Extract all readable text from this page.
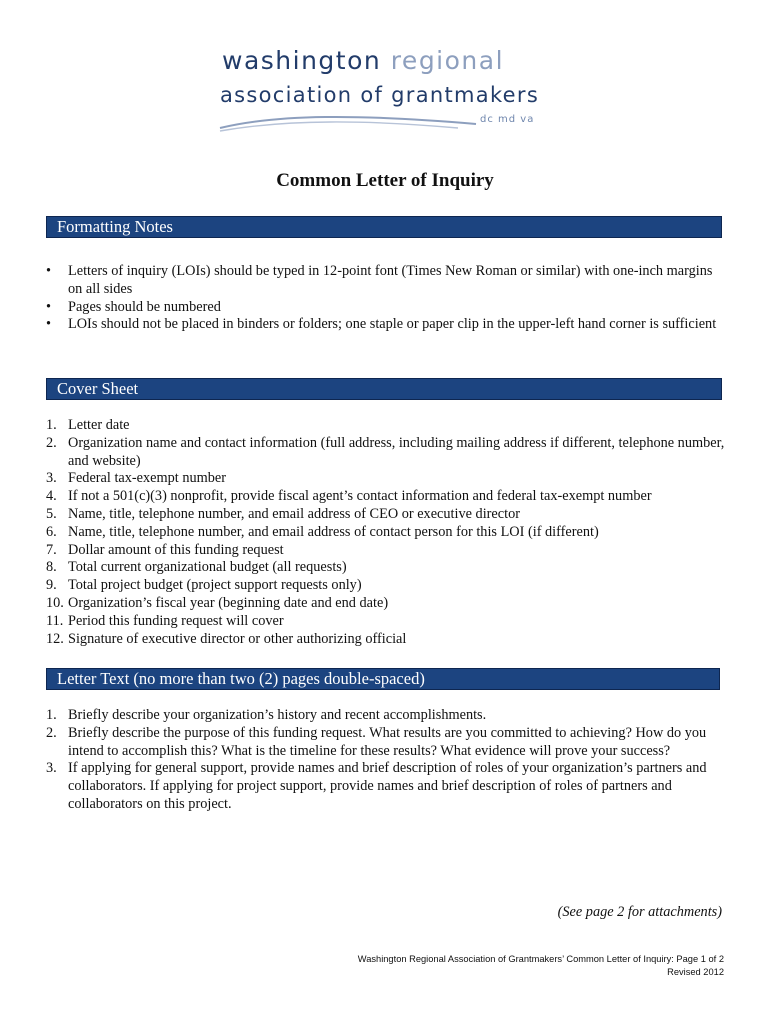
washington regional
association of grantmakers
dc md va
Common Letter of Inquiry
Formatting Notes
•	Letters of inquiry (LOIs) should be typed in 12-point font (Times New Roman or similar) with one-inch margins on all sides
•	Pages should be numbered
•	LOIs should not be placed in binders or folders; one staple or paper clip in the upper-left hand corner is sufficient
Cover Sheet
1. Letter date
2. Organization name and contact information (full address, including mailing address if different, telephone number, and website)
3. Federal tax-exempt number
4. If not a 501(c)(3) nonprofit, provide fiscal agent’s contact information and federal tax-exempt number
5. Name, title, telephone number, and email address of CEO or executive director
6. Name, title, telephone number, and email address of contact person for this LOI (if different)
7. Dollar amount of this funding request
8. Total current organizational budget (all requests)
9. Total project budget (project support requests only)
10. Organization’s fiscal year (beginning date and end date)
11. Period this funding request will cover
12. Signature of executive director or other authorizing official
Letter Text (no more than two (2) pages double-spaced)
1. Briefly describe your organization’s history and recent accomplishments.
2. Briefly describe the purpose of this funding request. What results are you committed to achieving? How do you intend to accomplish this? What is the timeline for these results? What evidence will prove your success?
3. If applying for general support, provide names and brief description of roles of your organization’s partners and collaborators. If applying for project support, provide names and brief description of roles of partners and collaborators on this project.
(See page 2 for attachments)
Washington Regional Association of Grantmakers’ Common Letter of Inquiry: Page 1 of 2
Revised 2012
